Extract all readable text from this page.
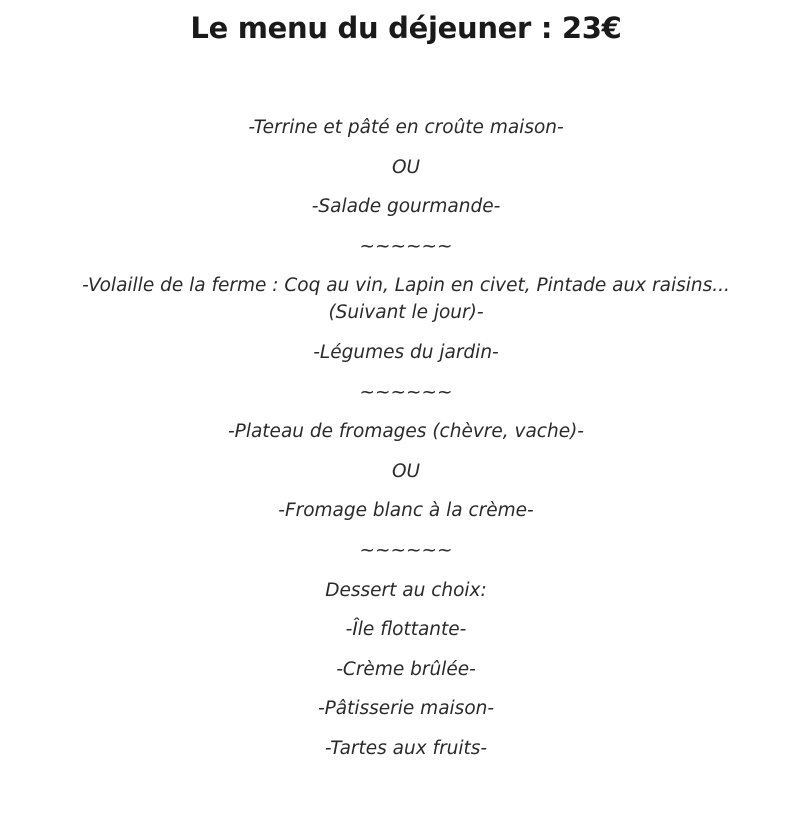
Le menu du déjeuner : 23€
-Terrine et pâté en croûte maison-
OU
-Salade gourmande-
~~~~~~
-Volaille de la ferme : Coq au vin, Lapin en civet, Pintade aux raisins...(Suivant le jour)-
-Légumes du jardin-
~~~~~~
-Plateau de fromages (chèvre, vache)-
OU
-Fromage blanc à la crème-
~~~~~~
Dessert au choix:
-Île flottante-
-Crème brûlée-
-Pâtisserie maison-
-Tartes aux fruits-
